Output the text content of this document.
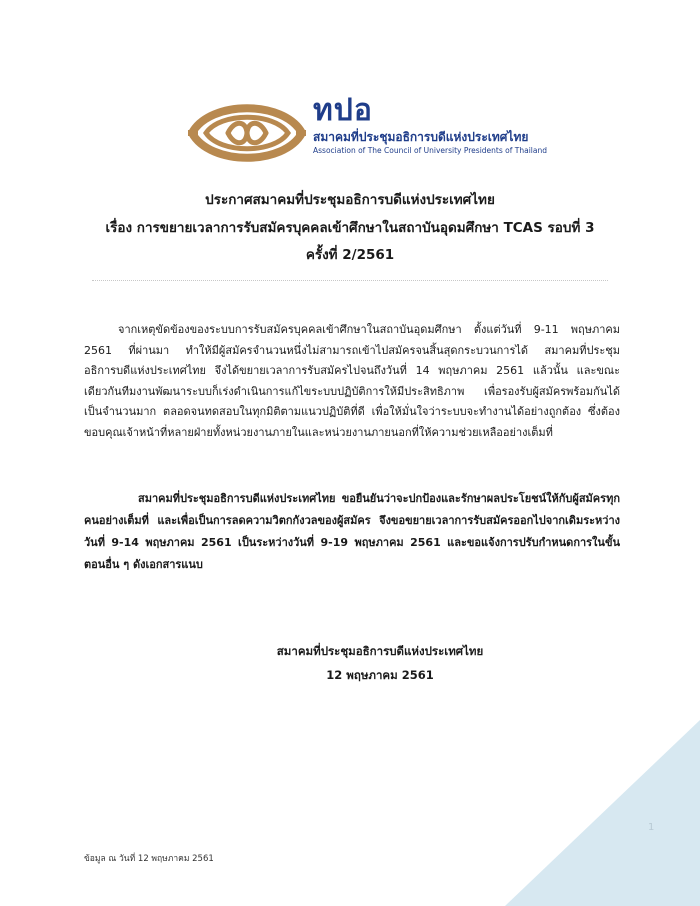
ทปอ
สมาคมที่ประชุมอธิการบดีแห่งประเทศไทย
Association of The Council of University Presidents of Thailand
ประกาศสมาคมที่ประชุมอธิการบดีแห่งประเทศไทย
เรื่อง การขยายเวลาการรับสมัครบุคคลเข้าศึกษาในสถาบันอุดมศึกษา TCAS รอบที่ 3
ครั้งที่ 2/2561
จากเหตุขัดข้องของระบบการรับสมัครบุคคลเข้าศึกษาในสถาบันอุดมศึกษา ตั้งแต่วันที่ 9-11 พฤษภาคม 2561 ที่ผ่านมา ทำให้มีผู้สมัครจำนวนหนึ่งไม่สามารถเข้าไปสมัครจนสิ้นสุดกระบวนการได้ สมาคมที่ประชุมอธิการบดีแห่งประเทศไทย จึงได้ขยายเวลาการรับสมัครไปจนถึงวันที่ 14 พฤษภาคม 2561 แล้วนั้น และขณะเดียวกันทีมงานพัฒนาระบบก็เร่งดำเนินการแก้ไขระบบปฏิบัติการให้มีประสิทธิภาพ เพื่อรองรับผู้สมัครพร้อมกันได้เป็นจำนวนมาก ตลอดจนทดสอบในทุกมิติตามแนวปฏิบัติที่ดี เพื่อให้มั่นใจว่าระบบจะทำงานได้อย่างถูกต้อง ซึ่งต้องขอบคุณเจ้าหน้าที่หลายฝ่ายทั้งหน่วยงานภายในและหน่วยงานภายนอกที่ให้ความช่วยเหลืออย่างเต็มที่
สมาคมที่ประชุมอธิการบดีแห่งประเทศไทย ขอยืนยันว่าจะปกป้องและรักษาผลประโยชน์ให้กับผู้สมัครทุกคนอย่างเต็มที่ และเพื่อเป็นการลดความวิตกกังวลของผู้สมัคร จึงขอขยายเวลาการรับสมัครออกไปจากเดิมระหว่างวันที่ 9-14 พฤษภาคม 2561 เป็นระหว่างวันที่ 9-19 พฤษภาคม 2561 และขอแจ้งการปรับกำหนดการในขั้นตอนอื่น ๆ ดังเอกสารแนบ
สมาคมที่ประชุมอธิการบดีแห่งประเทศไทย
12 พฤษภาคม 2561
1
ข้อมูล ณ วันที่ 12 พฤษภาคม 2561
